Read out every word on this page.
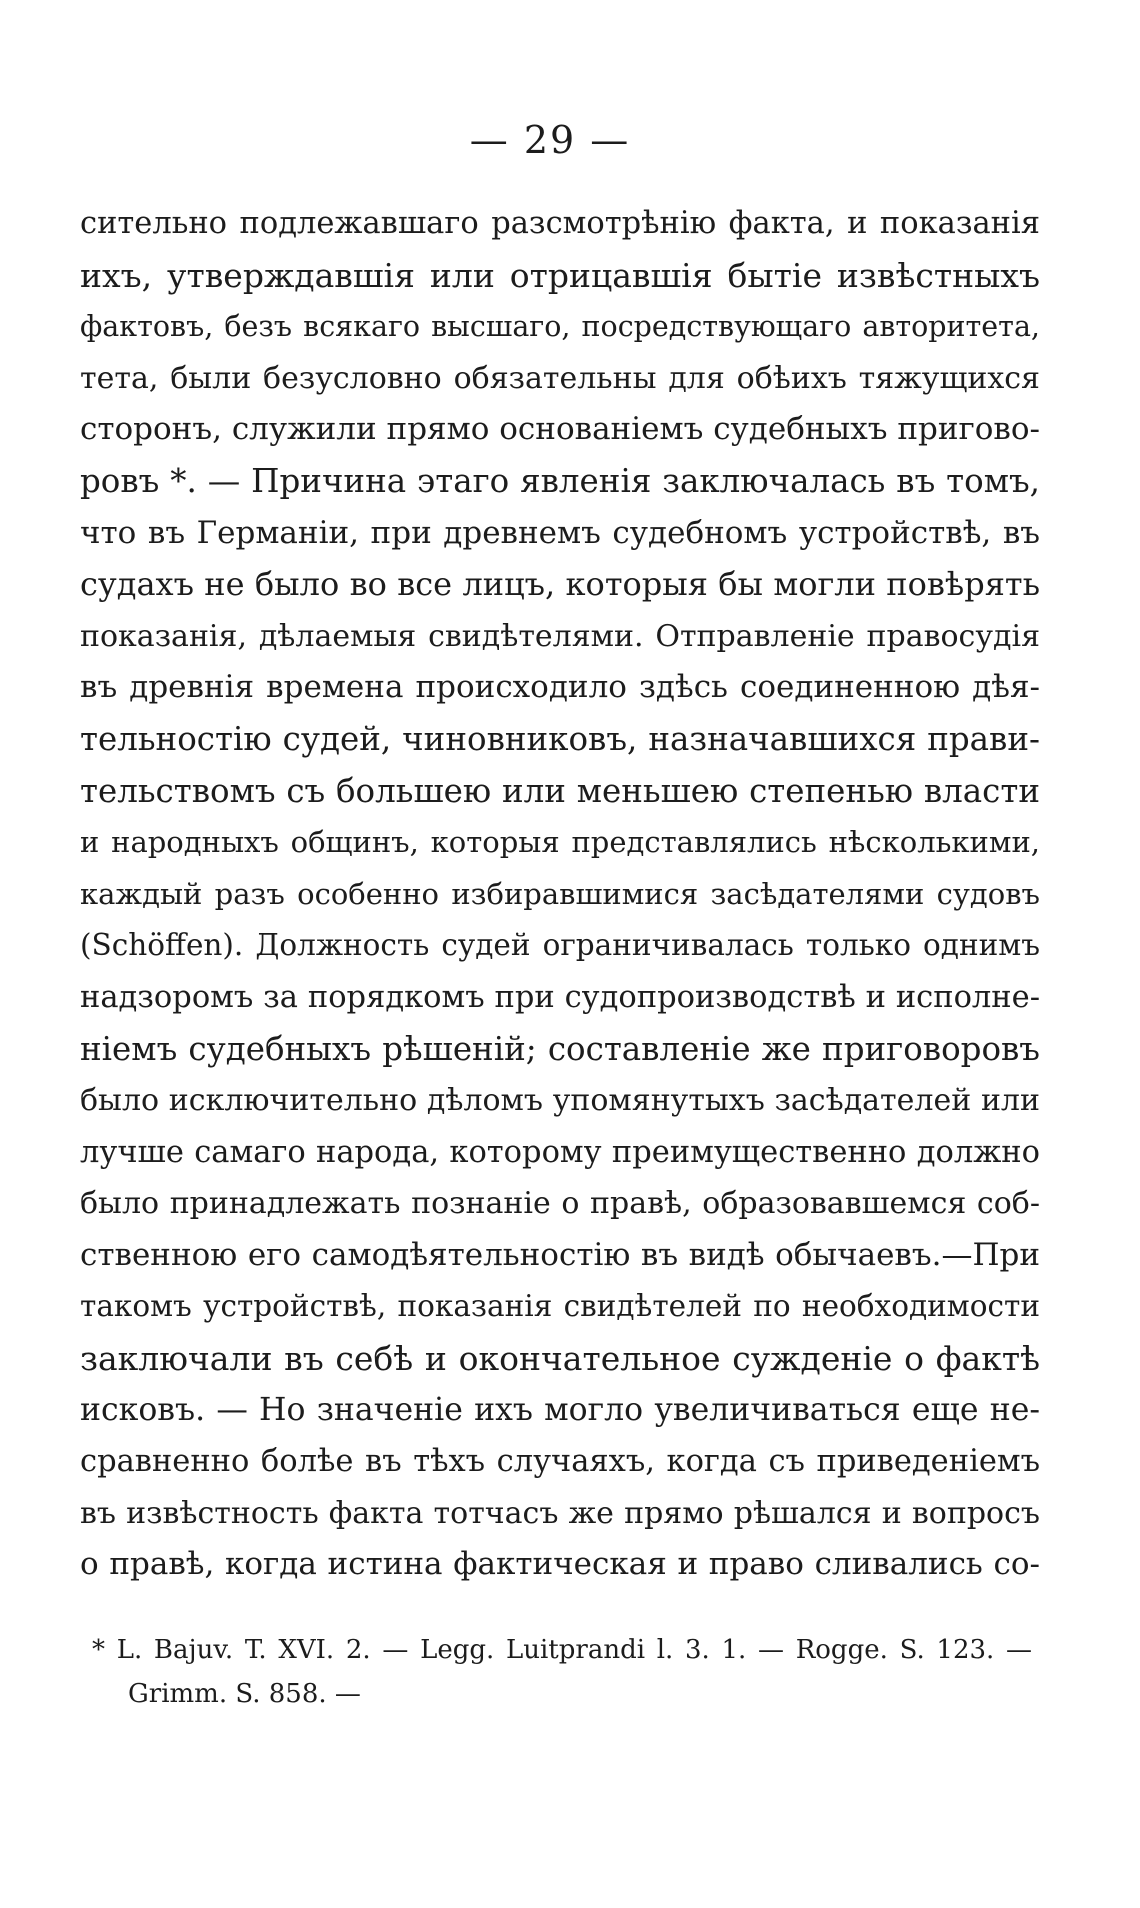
— 29 —
сительно подлежавшаго разсмотрѣнію факта, и показанія
ихъ, утверждавшія или отрицавшія бытіе извѣстныхъ
фактовъ, безъ всякаго высшаго, посредствующаго авторитета,
тета, были безусловно обязательны для обѣихъ тяжущихся
сторонъ, служили прямо основаніемъ судебныхъ пригово-
ровъ *. — Причина этаго явленія заключалась въ томъ,
что въ Германіи, при древнемъ судебномъ устройствѣ, въ
судахъ не было во все лицъ, которыя бы могли повѣрять
показанія, дѣлаемыя свидѣтелями. Отправленіе правосудія
въ древнія времена происходило здѣсь соединенною дѣя-
тельностію судей, чиновниковъ, назначавшихся прави-
тельствомъ съ большею или меньшею степенью власти
и народныхъ общинъ, которыя представлялись нѣсколькими,
каждый разъ особенно избиравшимися засѣдателями судовъ
(Schöffen). Должность судей ограничивалась только однимъ
надзоромъ за порядкомъ при судопроизводствѣ и исполне-
ніемъ судебныхъ рѣшеній; составленіе же приговоровъ
было исключительно дѣломъ упомянутыхъ засѣдателей или
лучше самаго народа, которому преимущественно должно
было принадлежать познаніе о правѣ, образовавшемся соб-
ственною его самодѣятельностію въ видѣ обычаевъ.—При
такомъ устройствѣ, показанія свидѣтелей по необходимости
заключали въ себѣ и окончательное сужденіе о фактѣ
исковъ. — Но значеніе ихъ могло увеличиваться еще не-
сравненно болѣе въ тѣхъ случаяхъ, когда съ приведеніемъ
въ извѣстность факта тотчасъ же прямо рѣшался и вопросъ
о правѣ, когда истина фактическая и право сливались со-
* L. Bajuv. T. XVI. 2. — Legg. Luitprandi l. 3. 1. — Rogge. S. 123. —
Grimm. S. 858. —
